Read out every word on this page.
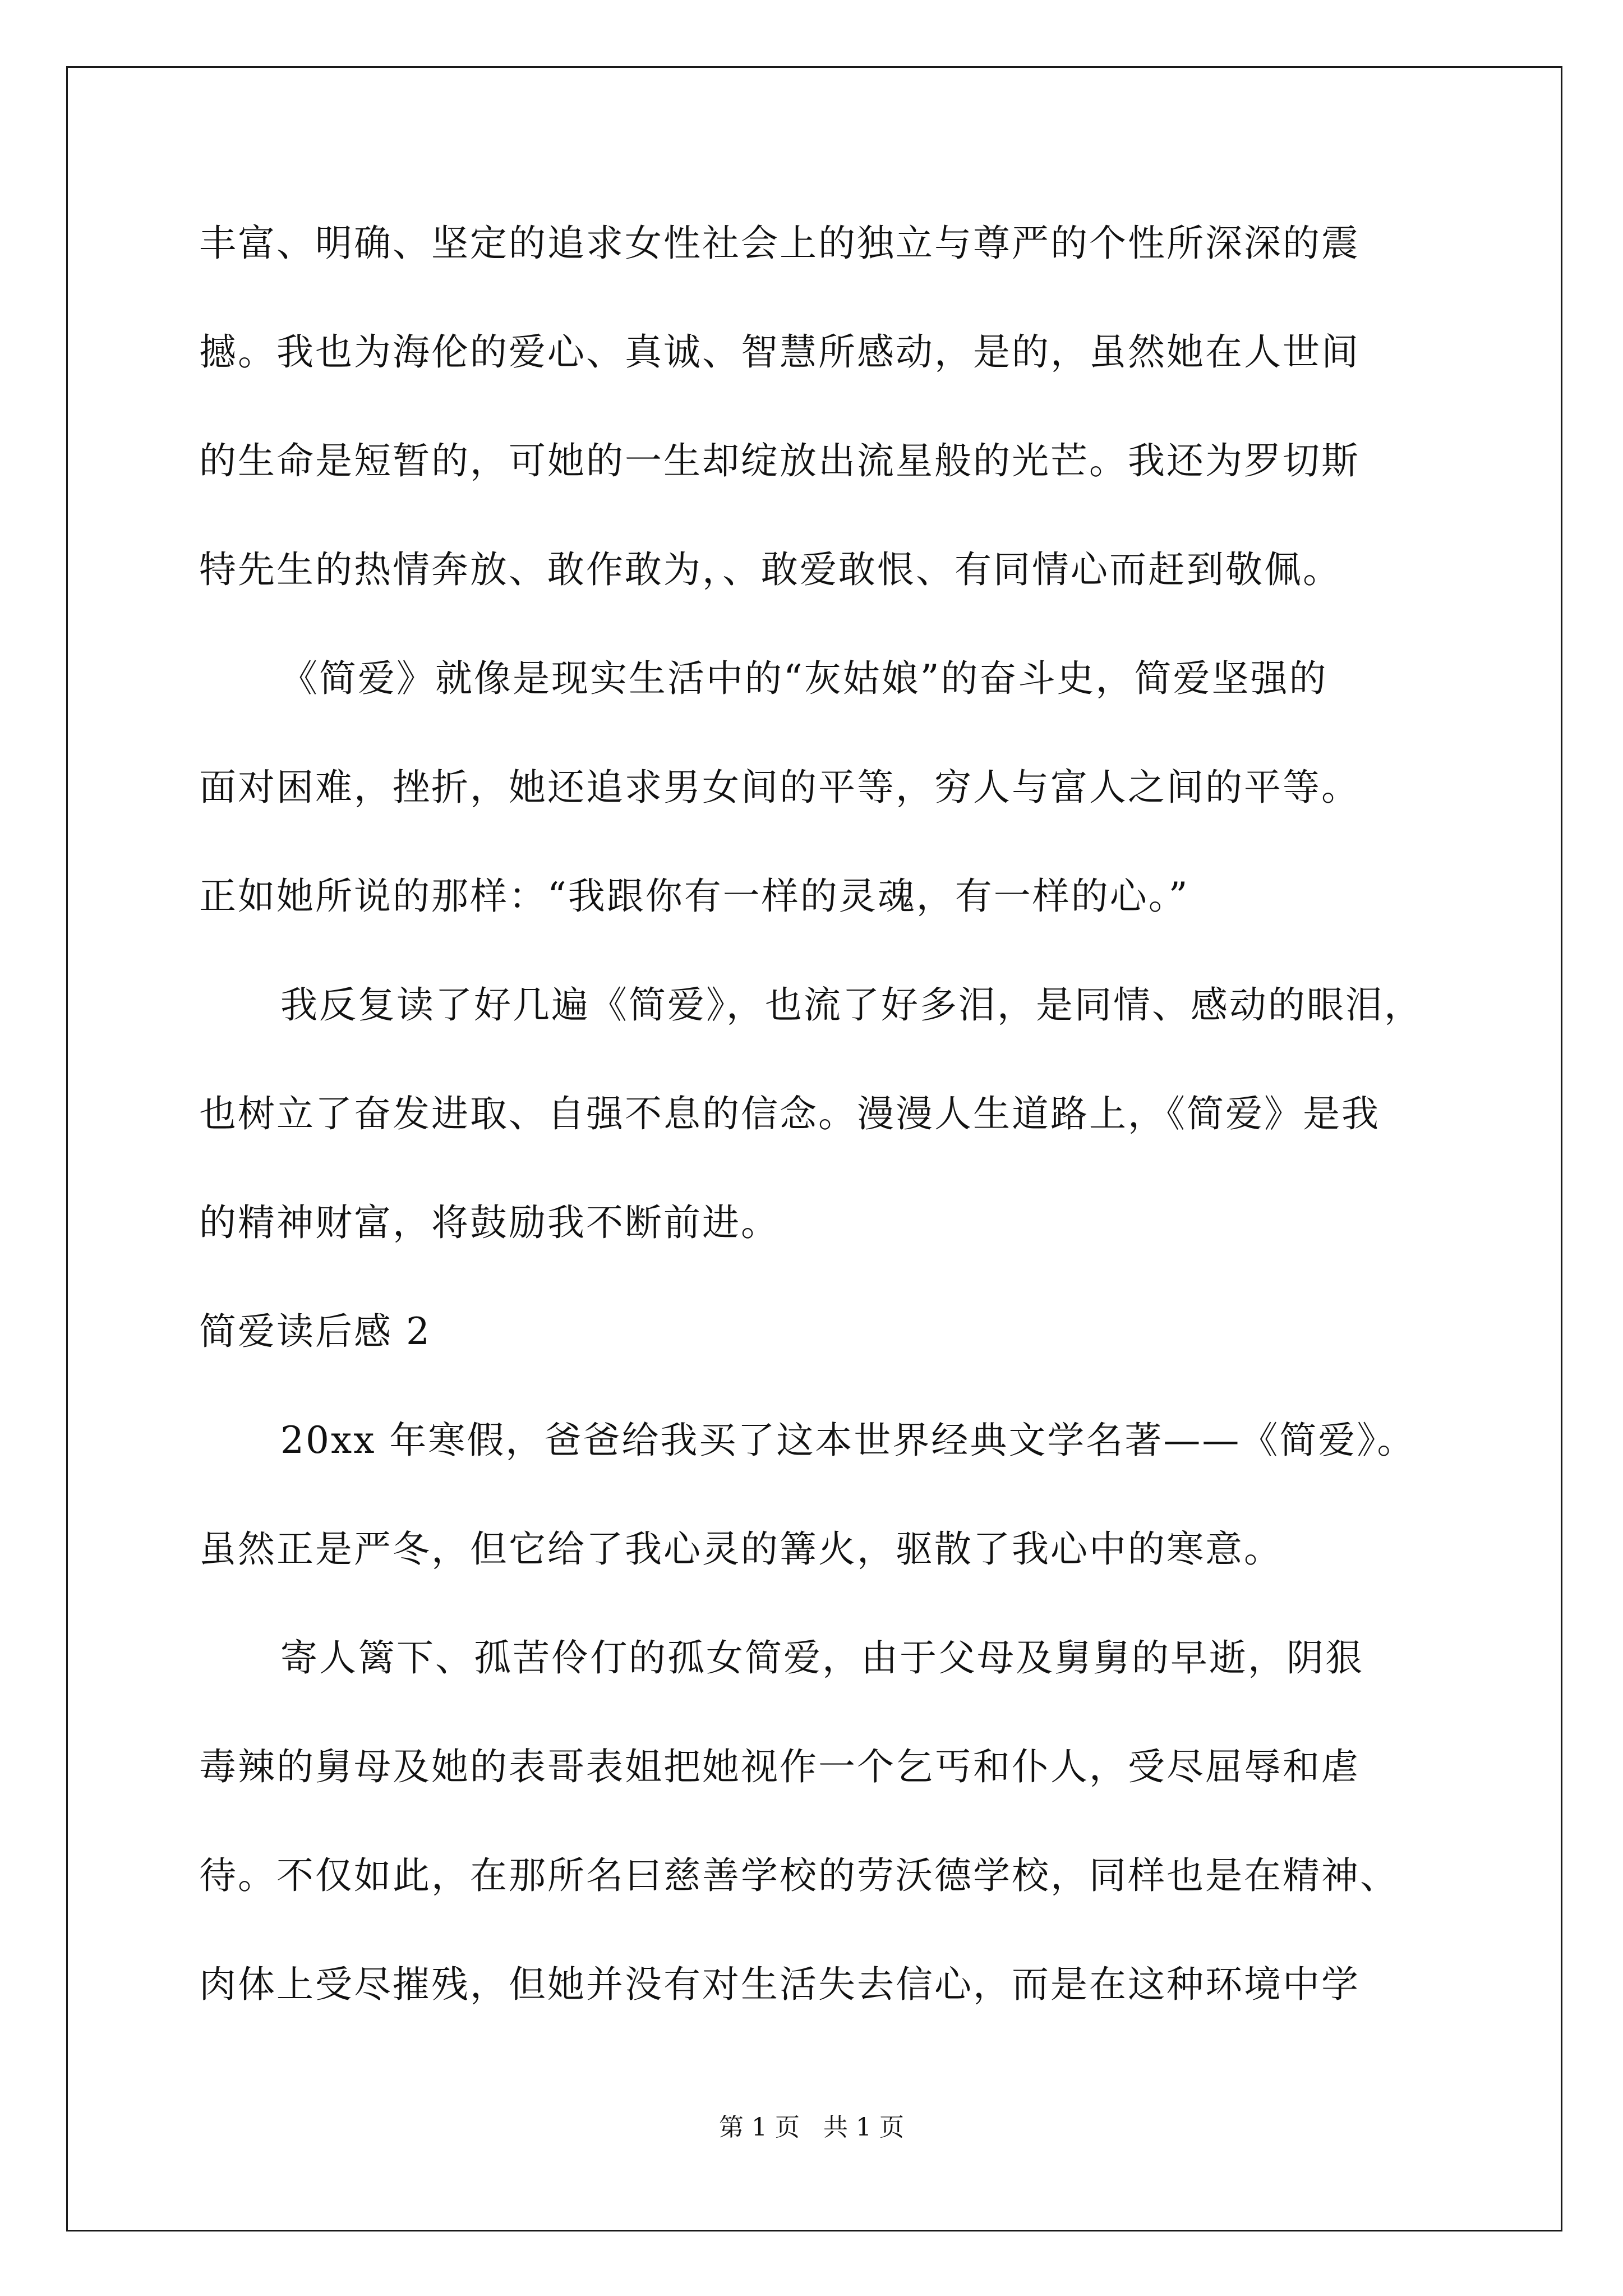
丰富、明确、坚定的追求女性社会上的独立与尊严的个性所深深的震
撼。我也为海伦的爱心、真诚、智慧所感动，是的，虽然她在人世间
的生命是短暂的，可她的一生却绽放出流星般的光芒。我还为罗切斯
特先生的热情奔放、敢作敢为，、敢爱敢恨、有同情心而赶到敬佩。
《简爱》就像是现实生活中的“灰姑娘”的奋斗史，简爱坚强的
面对困难，挫折，她还追求男女间的平等，穷人与富人之间的平等。
正如她所说的那样：“我跟你有一样的灵魂，有一样的心。”
我反复读了好几遍《简爱》，也流了好多泪，是同情、感动的眼泪，
也树立了奋发进取、自强不息的信念。漫漫人生道路上，《简爱》是我
的精神财富，将鼓励我不断前进。
简爱读后感 2
20xx 年寒假，爸爸给我买了这本世界经典文学名著——《简爱》。
虽然正是严冬，但它给了我心灵的篝火，驱散了我心中的寒意。
寄人篱下、孤苦伶仃的孤女简爱，由于父母及舅舅的早逝，阴狠
毒辣的舅母及她的表哥表姐把她视作一个乞丐和仆人，受尽屈辱和虐
待。不仅如此，在那所名曰慈善学校的劳沃德学校，同样也是在精神、
肉体上受尽摧残，但她并没有对生活失去信心，而是在这种环境中学
第 1 页 共 1 页
